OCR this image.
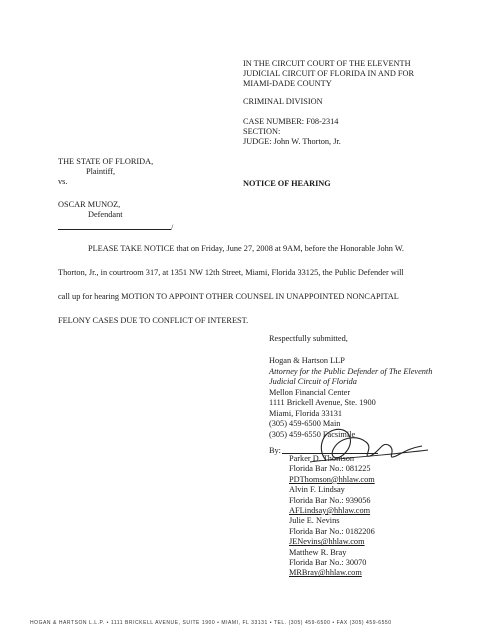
IN THE CIRCUIT COURT OF THE ELEVENTH
JUDICIAL CIRCUIT OF FLORIDA IN AND FOR
MIAMI-DADE COUNTY
CRIMINAL DIVISION
CASE NUMBER: F08-2314
SECTION:
JUDGE: John W. Thorton, Jr.
THE STATE OF FLORIDA,
Plaintiff,
vs.	NOTICE OF HEARING
OSCAR MUNOZ,
Defendant
/
PLEASE TAKE NOTICE that on Friday, June 27, 2008 at 9AM, before the Honorable John W.
Thorton, Jr., in courtroom 317, at 1351 NW 12th Street, Miami, Florida 33125, the Public Defender will
call up for hearing MOTION TO APPOINT OTHER COUNSEL IN UNAPPOINTED NONCAPITAL
FELONY CASES DUE TO CONFLICT OF INTEREST.
Respectfully submitted,
Hogan & Hartson LLP
Attorney for the Public Defender of The Eleventh
Judicial Circuit of Florida
Mellon Financial Center
1111 Brickell Avenue, Ste. 1900
Miami, Florida 33131
(305) 459-6500 Main
(305) 459-6550 Facsimile
By:
Parker D. Thomson
Florida Bar No.: 081225
PDThomson@hhlaw.com
Alvin F. Lindsay
Florida Bar No.: 939056
AFLindsay@hhlaw.com
Julie E. Nevins
Florida Bar No.: 0182206
JENevins@hhlaw.com
Matthew R. Bray
Florida Bar No.: 30070
MRBray@hhlaw.com
HOGAN & HARTSON L.L.P. • 1111 BRICKELL AVENUE, SUITE 1900 • MIAMI, FL 33131 • TEL. (305) 459-6500 • FAX (305) 459-6550
